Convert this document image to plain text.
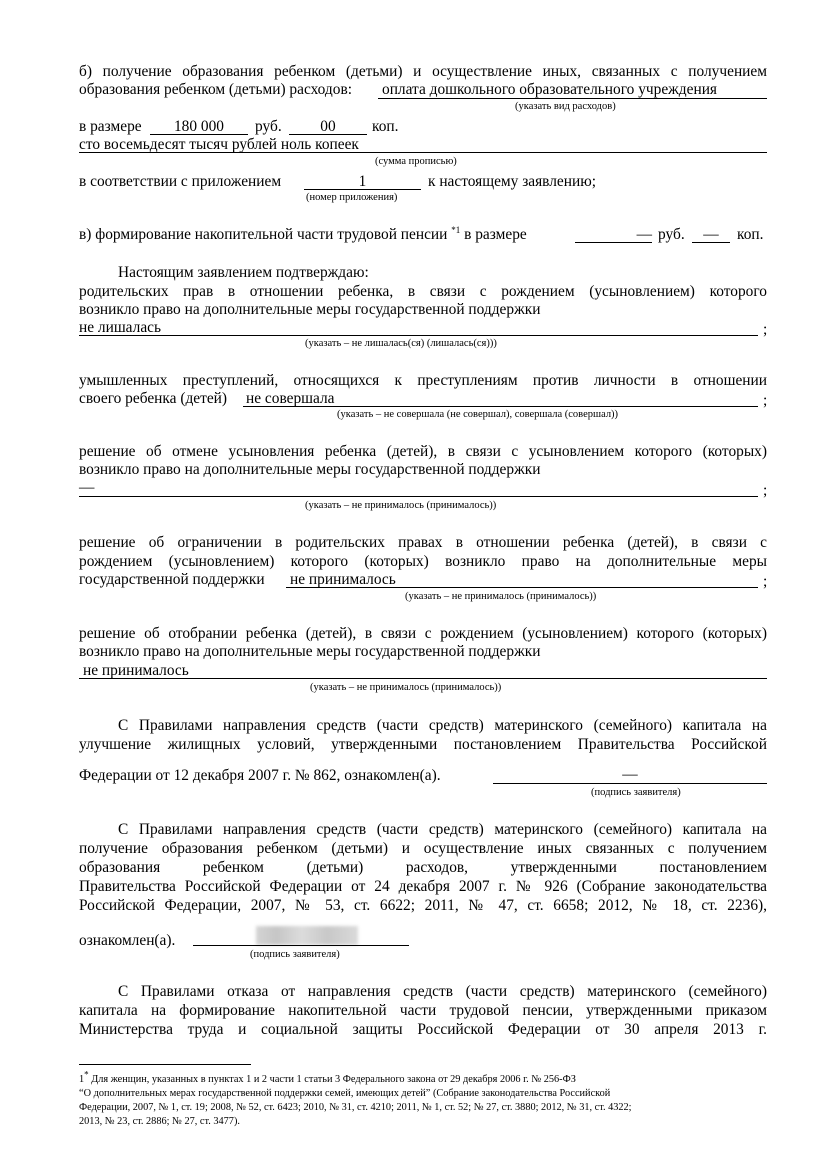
б) получение образования ребенком (детьми) и осуществление иных, связанных с получением
образования ребенком (детьми) расходов: оплата дошкольного образовательного учреждения
(указать вид расходов)
в размере	180 000	руб.	00	коп.
сто восемьдесят тысяч рублей ноль копеек
(сумма прописью)
в соответствии с приложением	1	к настоящему заявлению;
(номер приложения)
в) формирование накопительной части трудовой пенсии $^{*1}$ в размере	— руб.	—	коп.
Настоящим заявлением подтверждаю:
родительских прав в отношении ребенка, в связи с рождением (усыновлением) которого
возникло право на дополнительные меры государственной поддержки
не лишалась	;
(указать – не лишалась(ся) (лишалась(ся)))
умышленных преступлений, относящихся к преступлениям против личности в отношении
своего ребенка (детей) не совершала	;
(указать – не совершала (не совершал), совершала (совершал))
решение об отмене усыновления ребенка (детей), в связи с усыновлением которого (которых)
возникло право на дополнительные меры государственной поддержки
—	;
(указать – не принималось (принималось))
решение об ограничении в родительских правах в отношении ребенка (детей), в связи с
рождением (усыновлением) которого (которых) возникло право на дополнительные меры
государственной поддержки не принималось	;
(указать – не принималось (принималось))
решение об отобрании ребенка (детей), в связи с рождением (усыновлением) которого (которых)
возникло право на дополнительные меры государственной поддержки
не принималось
(указать – не принималось (принималось))
С Правилами направления средств (части средств) материнского (семейного) капитала на
улучшение жилищных условий, утвержденными постановлением Правительства Российской
Федерации от 12 декабря 2007 г. № 862, ознакомлен(а).	—
(подпись заявителя)
С Правилами направления средств (части средств) материнского (семейного) капитала на
получение образования ребенком (детьми) и осуществление иных связанных с получением
образования ребенком (детьми) расходов, утвержденными постановлением
Правительства Российской Федерации от 24 декабря 2007 г. № 926 (Собрание законодательства
Российской Федерации, 2007, № 53, ст. 6622; 2011, № 47, ст. 6658; 2012, № 18, ст. 2236),
ознакомлен(а).
(подпись заявителя)
С Правилами отказа от направления средств (части средств) материнского (семейного)
капитала на формирование накопительной части трудовой пенсии, утвержденными приказом
Министерства труда и социальной защиты Российской Федерации от 30 апреля 2013 г.
1* Для женщин, указанных в пунктах 1 и 2 части 1 статьи 3 Федерального закона от 29 декабря 2006 г. № 256-ФЗ
“О дополнительных мерах государственной поддержки семей, имеющих детей” (Собрание законодательства Российской
Федерации, 2007, № 1, ст. 19; 2008, № 52, ст. 6423; 2010, № 31, ст. 4210; 2011, № 1, ст. 52; № 27, ст. 3880; 2012, № 31, ст. 4322;
2013, № 23, ст. 2886; № 27, ст. 3477).
